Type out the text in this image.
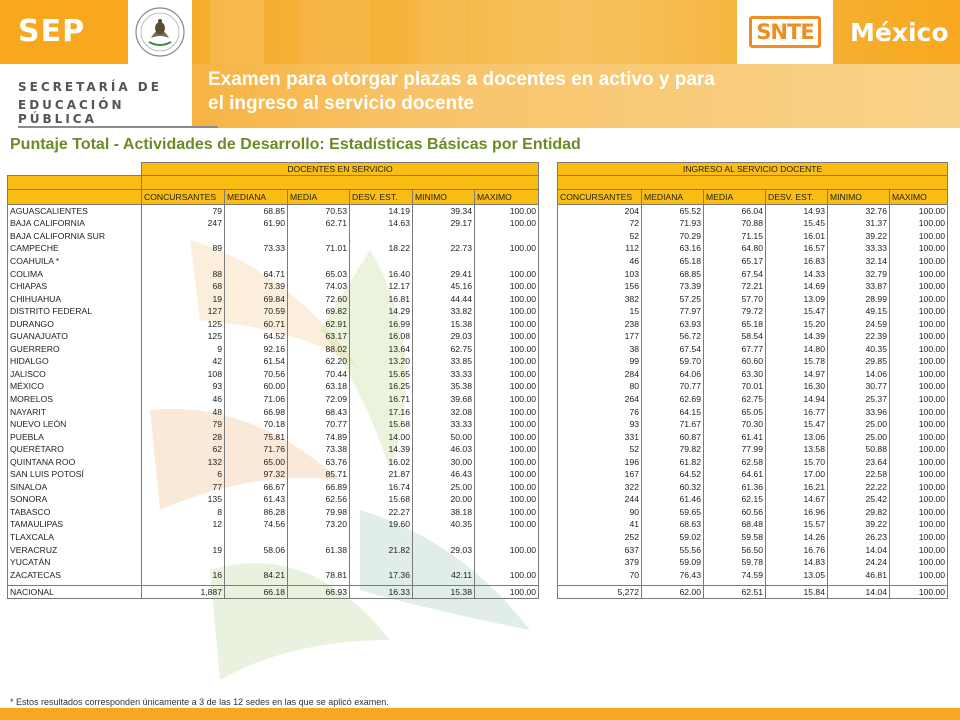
SEP	SNTE México
SECRETARÍA DE
EDUCACIÓN PÚBLICA
Examen para otorgar plazas a docentes en activo y para
el ingreso al servicio docente
Puntaje Total - Actividades de Desarrollo: Estadísticas Básicas por Entidad
	DOCENTES EN SERVICIO					

	CONCURSANTES	MEDIANA	MEDIA	DESV. EST.	MINIMO	MAXIMO
AGUASCALIENTES	79	68.85	70.53	14.19	39.34	100.00
BAJA CALIFORNIA	247	61.90	62.71	14.63	29.17	100.00
BAJA CALIFORNIA SUR						
CAMPECHE	89	73.33	71.01	18.22	22.73	100.00
COAHUILA *						
COLIMA	88	64.71	65.03	16.40	29.41	100.00
CHIAPAS	68	73.39	74.03	12.17	45.16	100.00
CHIHUAHUA	19	69.84	72.60	16.81	44.44	100.00
DISTRITO FEDERAL	127	70.59	69.82	14.29	33.82	100.00
DURANGO	125	60.71	62.91	16.99	15.38	100.00
GUANAJUATO	125	64.52	63.17	16.08	29.03	100.00
GUERRERO	9	92.16	88.02	13.64	62.75	100.00
HIDALGO	42	61.54	62.20	13.20	33.85	100.00
JALISCO	108	70.56	70.44	15.65	33.33	100.00
MÉXICO	93	60.00	63.18	16.25	35.38	100.00
MORELOS	46	71.06	72.09	16.71	39.68	100.00
NAYARIT	48	66.98	68.43	17.16	32.08	100.00
NUEVO LEÓN	79	70.18	70.77	15.68	33.33	100.00
PUEBLA	28	75.81	74.89	14.00	50.00	100.00
QUERÉTARO	62	71.76	73.38	14.39	46.03	100.00
QUINTANA ROO	132	65.00	63.76	16.02	30.00	100.00
SAN LUIS POTOSÍ	6	97.32	85.71	21.87	46.43	100.00
SINALOA	77	66.67	66.89	16.74	25.00	100.00
SONORA	135	61.43	62.56	15.68	20.00	100.00
TABASCO	8	86.28	79.98	22.27	38.18	100.00
TAMAULIPAS	12	74.56	73.20	19.60	40.35	100.00
TLAXCALA						
VERACRUZ	19	58.06	61.38	21.82	29.03	100.00
YUCATÁN						
ZACATECAS	16	84.21	78.81	17.36	42.11	100.00

NACIONAL	1,887	66.18	66.93	16.33	15.38	100.00
INGRESO AL SERVICIO DOCENTE					

CONCURSANTES	MEDIANA	MEDIA	DESV. EST.	MINIMO	MAXIMO
204	65.52	66.04	14.93	32.76	100.00
72	71.93	70.88	15.45	31.37	100.00
52	70.29	71.15	16.01	39.22	100.00
112	63.16	64.80	16.57	33.33	100.00
46	65.18	65.17	16.83	32.14	100.00
103	68.85	67.54	14.33	32.79	100.00
156	73.39	72.21	14.69	33.87	100.00
382	57.25	57.70	13.09	28.99	100.00
15	77.97	79.72	15.47	49.15	100.00
238	63.93	65.18	15.20	24.59	100.00
177	56.72	58.54	14.39	22.39	100.00
38	67.54	67.77	14.80	40.35	100.00
99	59.70	60.60	15.78	29.85	100.00
284	64.06	63.30	14.97	14.06	100.00
80	70.77	70.01	16.30	30.77	100.00
264	62.69	62.75	14.94	25.37	100.00
76	64.15	65.05	16.77	33.96	100.00
93	71.67	70.30	15.47	25.00	100.00
331	60.87	61.41	13.06	25.00	100.00
52	79.82	77.99	13.58	50.88	100.00
196	61.82	62.58	15.70	23.64	100.00
167	64.52	64.61	17.00	22.58	100.00
322	60.32	61.36	16.21	22.22	100.00
244	61.46	62.15	14.67	25.42	100.00
90	59.65	60.56	16.96	29.82	100.00
41	68.63	68.48	15.57	39.22	100.00
252	59.02	59.58	14.26	26.23	100.00
637	55.56	56.50	16.76	14.04	100.00
379	59.09	59.78	14.83	24.24	100.00
70	76.43	74.59	13.05	46.81	100.00

5,272	62.00	62.51	15.84	14.04	100.00
* Estos resultados corresponden únicamente a 3 de las 12 sedes en las que se aplicó examen.
